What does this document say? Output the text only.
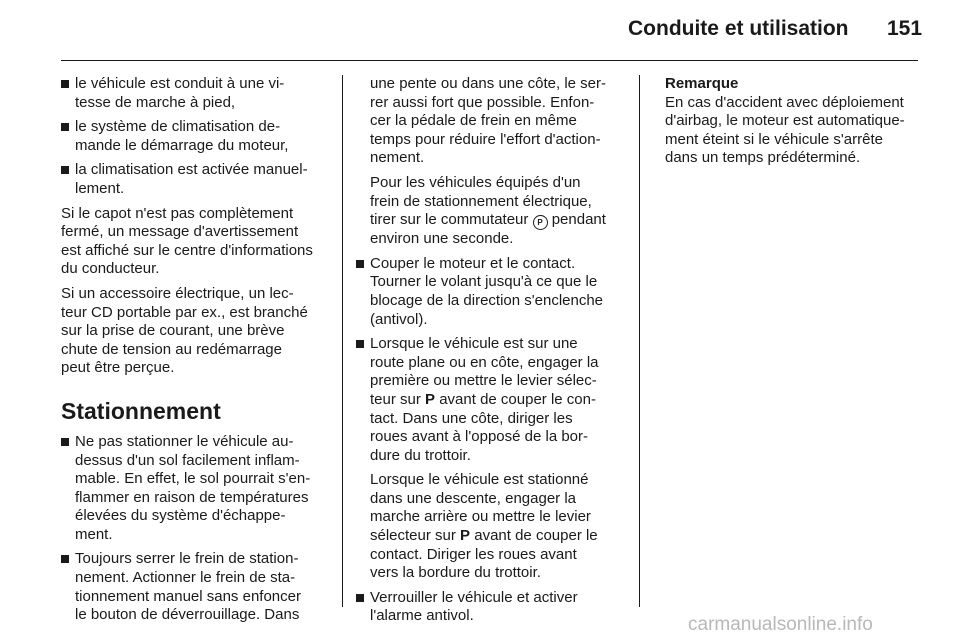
Conduite et utilisation 151
le véhicule est conduit à une vi-
tesse de marche à pied,
le système de climatisation de-
mande le démarrage du moteur,
la climatisation est activée manuel-
lement.

Si le capot n'est pas complètement
fermé, un message d'avertissement
est affiché sur le centre d'informations
du conducteur.

Si un accessoire électrique, un lec-
teur CD portable par ex., est branché
sur la prise de courant, une brève
chute de tension au redémarrage
peut être perçue.

Stationnement
Ne pas stationner le véhicule au-
dessus d'un sol facilement inflam-
mable. En effet, le sol pourrait s'en-
flammer en raison de températures
élevées du système d'échappe-
ment.
Toujours serrer le frein de station-
nement. Actionner le frein de sta-
tionnement manuel sans enfoncer
le bouton de déverrouillage. Dans

une pente ou dans une côte, le ser-
rer aussi fort que possible. Enfon-
cer la pédale de frein en même
temps pour réduire l'effort d'action-
nement.

Pour les véhicules équipés d'un
frein de stationnement électrique,
tirer sur le commutateur P pendant
environ une seconde.

Couper le moteur et le contact.
Tourner le volant jusqu'à ce que le
blocage de la direction s'enclenche
(antivol).
Lorsque le véhicule est sur une
route plane ou en côte, engager la
première ou mettre le levier sélec-
teur sur P avant de couper le con-
tact. Dans une côte, diriger les
roues avant à l'opposé de la bor-
dure du trottoir.

Lorsque le véhicule est stationné
dans une descente, engager la
marche arrière ou mettre le levier
sélecteur sur P avant de couper le
contact. Diriger les roues avant
vers la bordure du trottoir.

Verrouiller le véhicule et activer
l'alarme antivol.
Remarque

En cas d'accident avec déploiement
d'airbag, le moteur est automatique-
ment éteint si le véhicule s'arrête
dans un temps prédéterminé.

carmanualsonline.info
